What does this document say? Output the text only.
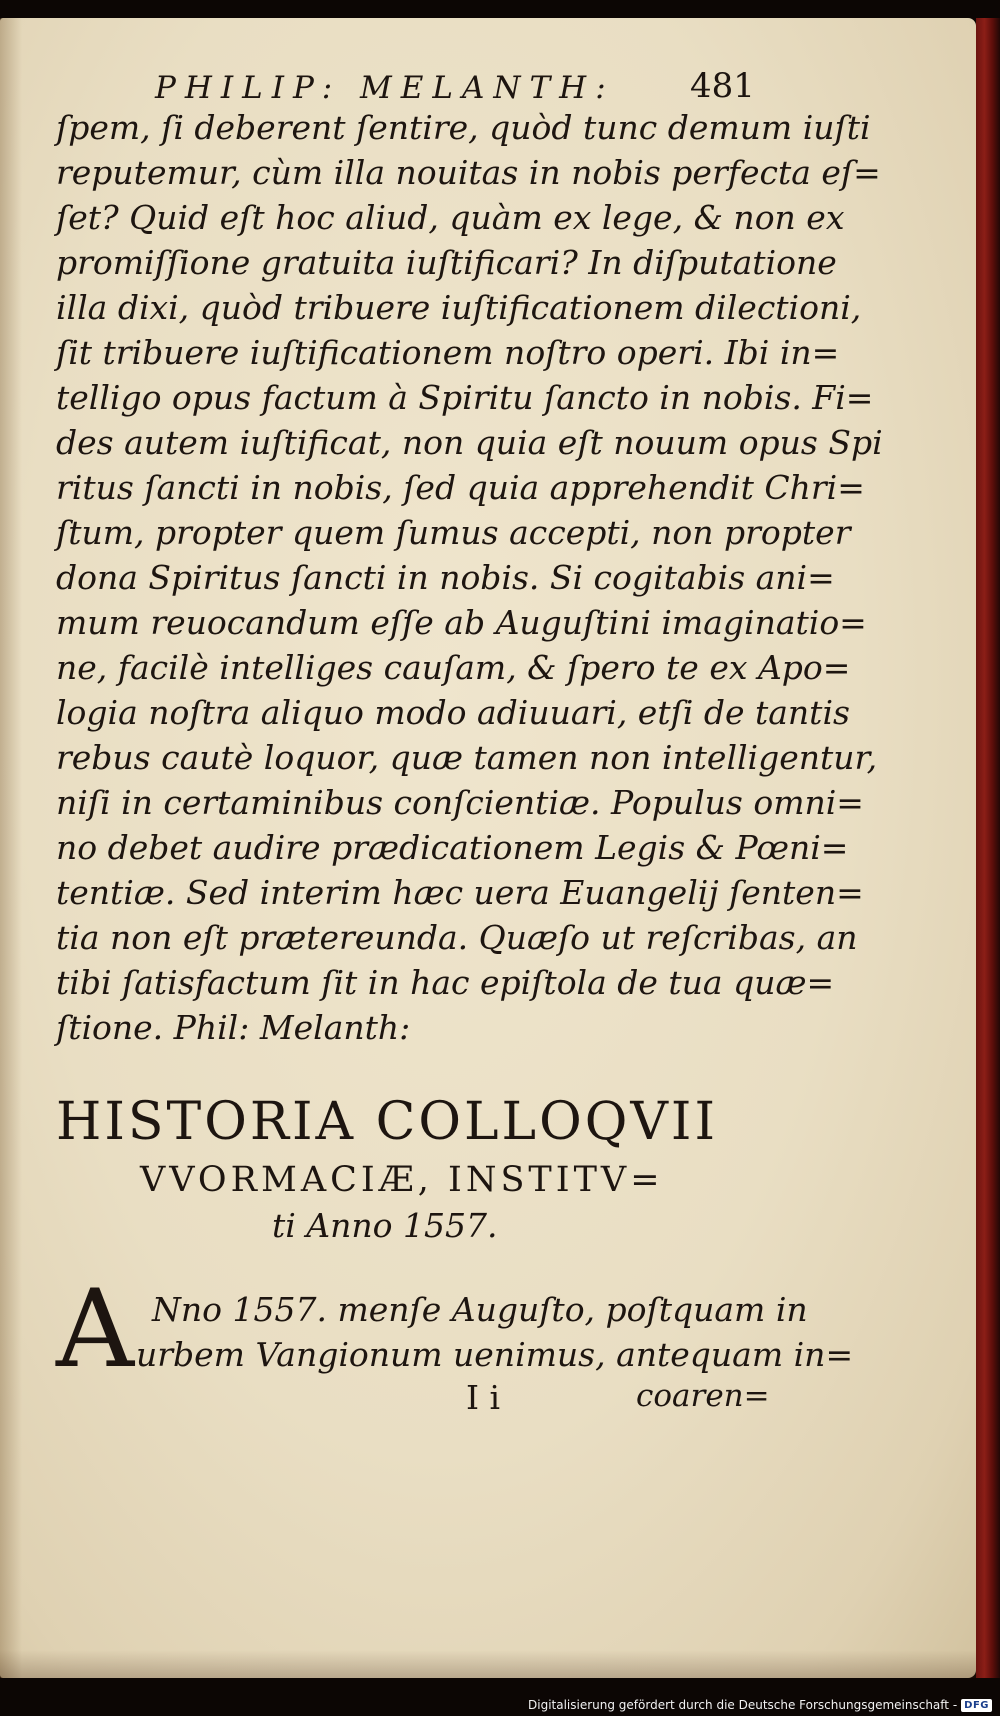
PHILIP: MELANTH: 481
ſpem, ſi deberent ſentire, quòd tunc demum iuſti
reputemur, cùm illa nouitas in nobis perfecta eſ=
ſet? Quid eſt hoc aliud, quàm ex lege, & non ex
promiſſione gratuita iuſtificari? In diſputatione
illa dixi, quòd tribuere iuſtificationem dilectioni,
ſit tribuere iuſtificationem noſtro operi. Ibi in=
telligo opus factum à Spiritu ſancto in nobis. Fi=
des autem iuſtificat, non quia eſt nouum opus Spi
ritus ſancti in nobis, ſed quia apprehendit Chri=
ſtum, propter quem ſumus accepti, non propter
dona Spiritus ſancti in nobis. Si cogitabis ani=
mum reuocandum eſſe ab Auguſtini imaginatio=
ne, facilè intelliges cauſam, & ſpero te ex Apo=
logia noſtra aliquo modo adiuuari, etſi de tantis
rebus cautè loquor, quæ tamen non intelligentur,
niſi in certaminibus conſcientiæ. Populus omni=
no debet audire prædicationem Legis & Pœni=
tentiæ. Sed interim hæc uera Euangelij ſenten=
tia non eſt prætereunda. Quæſo ut reſcribas, an
tibi ſatisfactum ſit in hac epiſtola de tua quæ=
ſtione. Phil: Melanth:
HISTORIA COLLOQVII
VVORMACIÆ, INSTITV=
ti Anno 1557.
A Nno 1557. menſe Auguſto, poſtquam in
urbem Vangionum uenimus, antequam in=
I i	coaren=
Digitalisierung gefördert durch die Deutsche Forschungsgemeinschaft - DFG
